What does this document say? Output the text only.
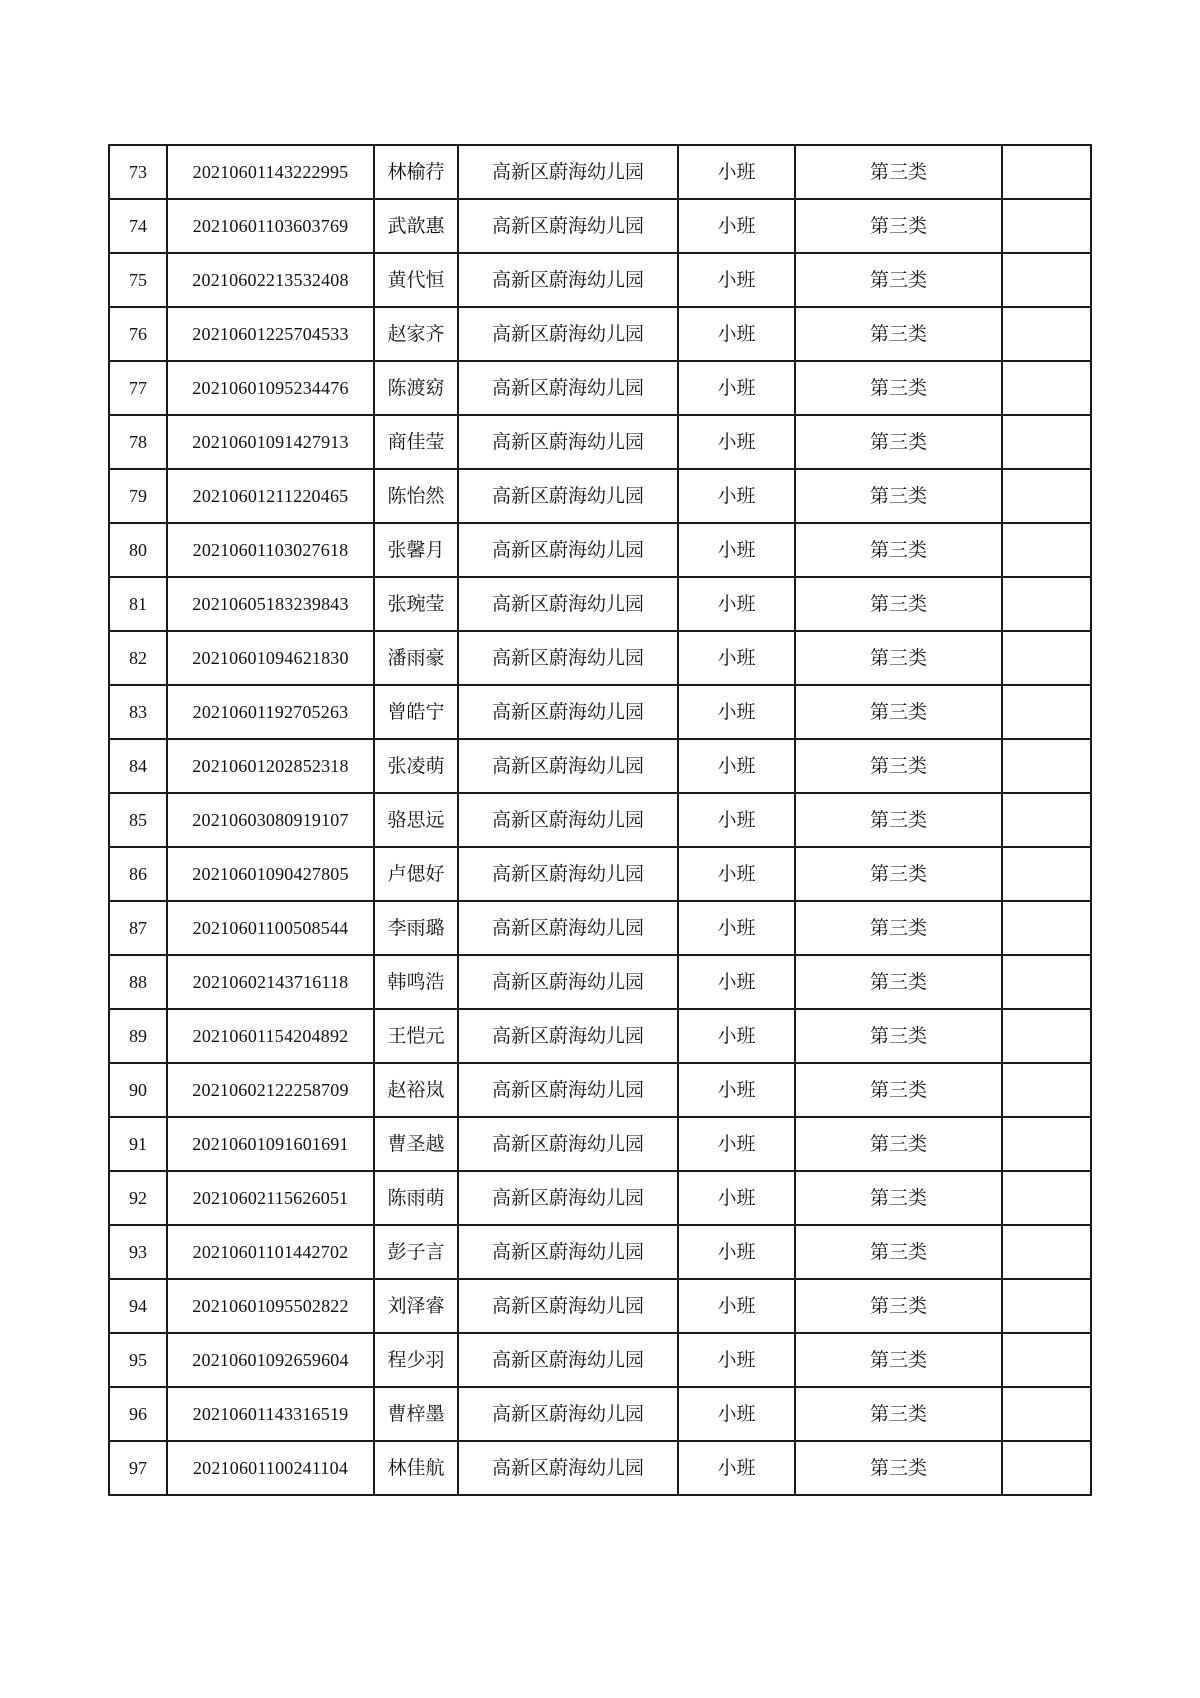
73	20210601143222995	林榆荇	高新区蔚海幼儿园	小班	第三类	
74	20210601103603769	武歆惠	高新区蔚海幼儿园	小班	第三类	
75	20210602213532408	黄代恒	高新区蔚海幼儿园	小班	第三类	
76	20210601225704533	赵家齐	高新区蔚海幼儿园	小班	第三类	
77	20210601095234476	陈渡窈	高新区蔚海幼儿园	小班	第三类	
78	20210601091427913	商佳莹	高新区蔚海幼儿园	小班	第三类	
79	20210601211220465	陈怡然	高新区蔚海幼儿园	小班	第三类	
80	20210601103027618	张馨月	高新区蔚海幼儿园	小班	第三类	
81	20210605183239843	张琬莹	高新区蔚海幼儿园	小班	第三类	
82	20210601094621830	潘雨豪	高新区蔚海幼儿园	小班	第三类	
83	20210601192705263	曾皓宁	高新区蔚海幼儿园	小班	第三类	
84	20210601202852318	张凌萌	高新区蔚海幼儿园	小班	第三类	
85	20210603080919107	骆思远	高新区蔚海幼儿园	小班	第三类	
86	20210601090427805	卢偲好	高新区蔚海幼儿园	小班	第三类	
87	20210601100508544	李雨璐	高新区蔚海幼儿园	小班	第三类	
88	20210602143716118	韩鸣浩	高新区蔚海幼儿园	小班	第三类	
89	20210601154204892	王恺元	高新区蔚海幼儿园	小班	第三类	
90	20210602122258709	赵裕岚	高新区蔚海幼儿园	小班	第三类	
91	20210601091601691	曹圣越	高新区蔚海幼儿园	小班	第三类	
92	20210602115626051	陈雨萌	高新区蔚海幼儿园	小班	第三类	
93	20210601101442702	彭子言	高新区蔚海幼儿园	小班	第三类	
94	20210601095502822	刘泽睿	高新区蔚海幼儿园	小班	第三类	
95	20210601092659604	程少羽	高新区蔚海幼儿园	小班	第三类	
96	20210601143316519	曹梓墨	高新区蔚海幼儿园	小班	第三类	
97	20210601100241104	林佳航	高新区蔚海幼儿园	小班	第三类	
